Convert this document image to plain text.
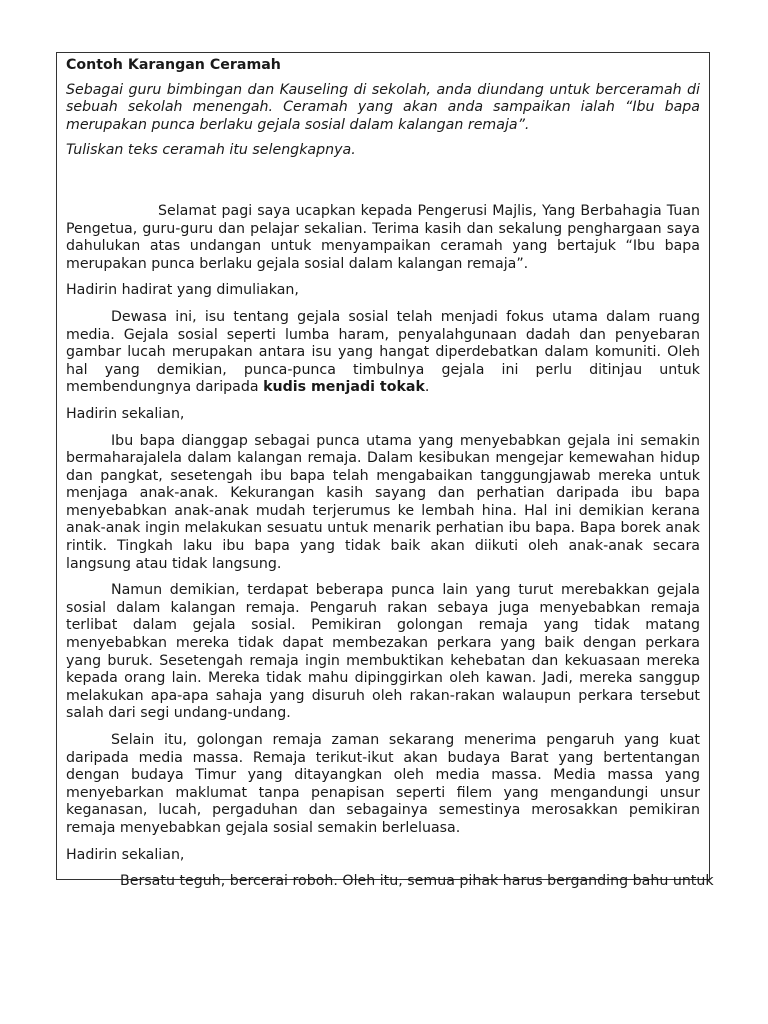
Contoh Karangan Ceramah
Sebagai guru bimbingan dan Kauseling di sekolah, anda diundang untuk berceramah di sebuah sekolah menengah. Ceramah yang akan anda sampaikan ialah “Ibu bapa merupakan punca berlaku gejala sosial dalam kalangan remaja”.
Tuliskan teks ceramah itu selengkapnya.
Selamat pagi saya ucapkan kepada Pengerusi Majlis, Yang Berbahagia Tuan Pengetua, guru-guru dan pelajar sekalian. Terima kasih dan sekalung penghargaan saya dahulukan atas undangan untuk menyampaikan ceramah yang bertajuk “Ibu bapa merupakan punca berlaku gejala sosial dalam kalangan remaja”.
Hadirin hadirat yang dimuliakan,
Dewasa ini, isu tentang gejala sosial telah menjadi fokus utama dalam ruang media. Gejala sosial seperti lumba haram, penyalahgunaan dadah dan penyebaran gambar lucah merupakan antara isu yang hangat diperdebatkan dalam komuniti. Oleh hal yang demikian, punca-punca timbulnya gejala ini perlu ditinjau untuk membendungnya daripada kudis menjadi tokak.
Hadirin sekalian,
Ibu bapa dianggap sebagai punca utama yang menyebabkan gejala ini semakin bermaharajalela dalam kalangan remaja. Dalam kesibukan mengejar kemewahan hidup dan pangkat, sesetengah ibu bapa telah mengabaikan tanggungjawab mereka untuk menjaga anak-anak. Kekurangan kasih sayang dan perhatian daripada ibu bapa menyebabkan anak-anak mudah terjerumus ke lembah hina. Hal ini demikian kerana anak-anak ingin melakukan sesuatu untuk menarik perhatian ibu bapa. Bapa borek anak rintik. Tingkah laku ibu bapa yang tidak baik akan diikuti oleh anak-anak secara langsung atau tidak langsung.
Namun demikian, terdapat beberapa punca lain yang turut merebakkan gejala sosial dalam kalangan remaja. Pengaruh rakan sebaya juga menyebabkan remaja terlibat dalam gejala sosial. Pemikiran golongan remaja yang tidak matang menyebabkan mereka tidak dapat membezakan perkara yang baik dengan perkara yang buruk. Sesetengah remaja ingin membuktikan kehebatan dan kekuasaan mereka kepada orang lain. Mereka tidak mahu dipinggirkan oleh kawan. Jadi, mereka sanggup melakukan apa-apa sahaja yang disuruh oleh rakan-rakan walaupun perkara tersebut salah dari segi undang-undang.
Selain itu, golongan remaja zaman sekarang menerima pengaruh yang kuat daripada media massa. Remaja terikut-ikut akan budaya Barat yang bertentangan dengan budaya Timur yang ditayangkan oleh media massa. Media massa yang menyebarkan maklumat tanpa penapisan seperti filem yang mengandungi unsur keganasan, lucah, pergaduhan dan sebagainya semestinya merosakkan pemikiran remaja menyebabkan gejala sosial semakin berleluasa.
Hadirin sekalian,
Bersatu teguh, bercerai roboh. Oleh itu, semua pihak harus berganding bahu untuk
